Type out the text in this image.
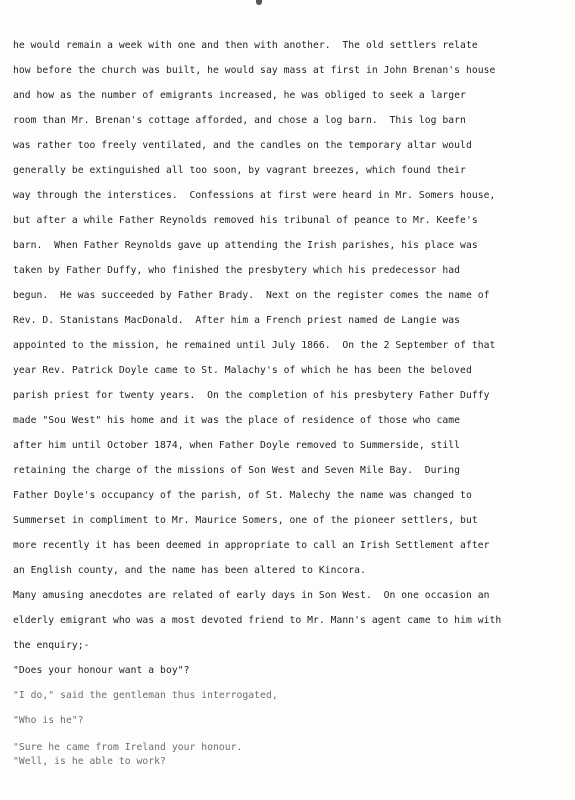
he would remain a week with one and then with another.  The old settlers relate
how before the church was built, he would say mass at first in John Brenan's house
and how as the number of emigrants increased, he was obliged to seek a larger
room than Mr. Brenan's cottage afforded, and chose a log barn.  This log barn
was rather too freely ventilated, and the candles on the temporary altar would
generally be extinguished all too soon, by vagrant breezes, which found their
way through the interstices.  Confessions at first were heard in Mr. Somers house,
but after a while Father Reynolds removed his tribunal of peance to Mr. Keefe's
barn.  When Father Reynolds gave up attending the Irish parishes, his place was
taken by Father Duffy, who finished the presbytery which his predecessor had
begun.  He was succeeded by Father Brady.  Next on the register comes the name of
Rev. D. Stanistans MacDonald.  After him a French priest named de Langie was
appointed to the mission, he remained until July 1866.  On the 2 September of that
year Rev. Patrick Doyle came to St. Malachy's of which he has been the beloved
parish priest for twenty years.  On the completion of his presbytery Father Duffy
made "Sou West" his home and it was the place of residence of those who came
after him until October 1874, when Father Doyle removed to Summerside, still
retaining the charge of the missions of Son West and Seven Mile Bay.  During
Father Doyle's occupancy of the parish, of St. Malechy the name was changed to
Summerset in compliment to Mr. Maurice Somers, one of the pioneer settlers, but
more recently it has been deemed in appropriate to call an Irish Settlement after
an English county, and the name has been altered to Kincora.
Many amusing anecdotes are related of early days in Son West.  On one occasion an
elderly emigrant who was a most devoted friend to Mr. Mann's agent came to him with
the enquiry;-
"Does your honour want a boy"?
"I do," said the gentleman thus interrogated,
"Who is he"?
"Sure he came from Ireland your honour.
"Well, is he able to work?
